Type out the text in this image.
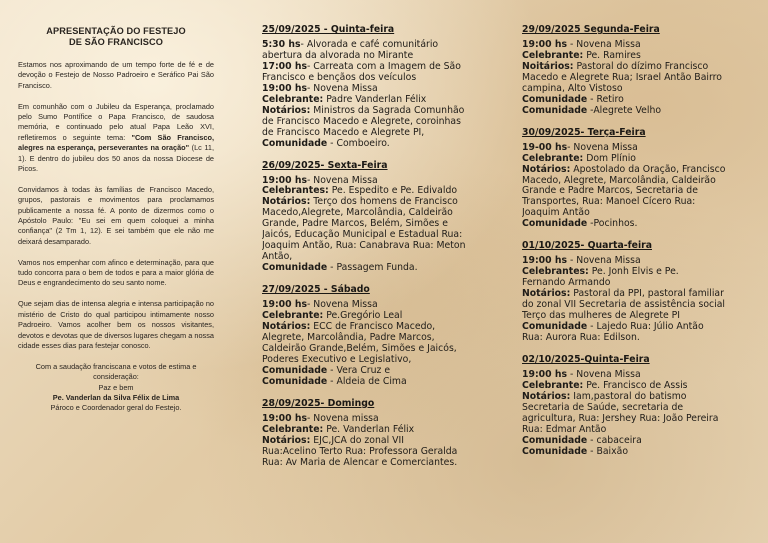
APRESENTAÇÃO DO FESTEJO
DE SÃO FRANCISCO

Estamos nos aproximando de um tempo forte de fé e de devoção o Festejo de Nosso Padroeiro e Seráfico Pai São Francisco.

Em comunhão com o Jubileu da Esperança, proclamado pelo Sumo Pontífice o Papa Francisco, de saudosa memória, e continuado pelo atual Papa Leão XVI, refletiremos o seguinte tema: "Com São Francisco, alegres na esperança, perseverantes na oração" (Lc 11, 1). E dentro do jubileu dos 50 anos da nossa Diocese de Picos.

Convidamos à todas às famílias de Francisco Macedo, grupos, pastorais e movimentos para proclamamos publicamente a nossa fé. A ponto de dizermos como o Apóstolo Paulo: "Eu sei em quem coloquei a minha confiança" (2 Tm 1, 12). E sei também que ele não me deixará desamparado.

Vamos nos empenhar com afinco e determinação, para que tudo concorra para o bem de todos e para a maior glória de Deus e engrandecimento do seu santo nome.

Que sejam dias de intensa alegria e intensa participação no mistério de Cristo do qual participou intimamente nosso Padroeiro. Vamos acolher bem os nossos visitantes, devotos e devotas que de diversos lugares chegam a nossa cidade esses dias para festejar conosco.

Com a saudação franciscana e votos de estima e consideração:
Paz e bem
Pe. Vanderlan da Silva Félix de Lima
Pároco e Coordenador geral do Festejo.
25/09/2025 - Quinta-feira
5:30 hs- Alvorada e café comunitário
abertura da alvorada no Mirante
17:00 hs- Carreata com a Imagem de São
Francisco e bençãos dos veículos
19:00 hs- Novena Missa
Celebrante: Padre Vanderlan Félix
Notários: Ministros da Sagrada Comunhão
de Francisco Macedo e Alegrete, coroinhas
de Francisco Macedo e Alegrete PI,
Comunidade - Comboeiro.
26/09/2025- Sexta-Feira
19:00 hs- Novena Missa
Celebrantes: Pe. Espedito e Pe. Edivaldo
Notários: Terço dos homens de Francisco
Macedo,Alegrete, Marcolândia, Caldeirão
Grande, Padre Marcos, Belém, Simões e
Jaicós, Educação Municipal e Estadual Rua:
Joaquim Antão, Rua: Canabrava Rua: Meton
Antão,
Comunidade - Passagem Funda.
27/09/2025 - Sábado
19:00 hs- Novena Missa
Celebrante: Pe.Gregório Leal
Notários: ECC de Francisco Macedo,
Alegrete, Marcolândia, Padre Marcos,
Caldeirão Grande,Belém, Simões e Jaicós,
Poderes Executivo e Legislativo,
Comunidade - Vera Cruz e
Comunidade - Aldeia de Cima
28/09/2025- Domingo
19:00 hs- Novena missa
Celebrante: Pe. Vanderlan Félix
Notários: EJC,JCA do zonal VII
Rua:Acelino Terto Rua: Professora Geralda
Rua: Av Maria de Alencar e Comerciantes.
29/09/2025 Segunda-Feira
19:00 hs - Novena Missa
Celebrante: Pe. Ramires
Noitários: Pastoral do dízimo Francisco
Macedo e Alegrete Rua; Israel Antão Bairro
campina, Alto Vistoso
Comunidade - Retiro
Comunidade -Alegrete Velho
30/09/2025- Terça-Feira
19-00 hs- Novena Missa
Celebrante: Dom Plínio
Notários: Apostolado da Oração, Francisco
Macedo, Alegrete, Marcolândia, Caldeirão
Grande e Padre Marcos, Secretaria de
Transportes, Rua: Manoel Cícero Rua:
Joaquim Antão
Comunidade -Pocinhos.
01/10/2025- Quarta-feira
19:00 hs - Novena Missa
Celebrantes: Pe. Jonh Elvis e Pe.
Fernando Armando
Notários: Pastoral da PPI, pastoral familiar
do zonal VII Secretaria de assistência social
Terço das mulheres de Alegrete PI
Comunidade - Lajedo Rua: Júlio Antão
Rua: Aurora Rua: Edilson.
02/10/2025-Quinta-Feira
19:00 hs - Novena Missa
Celebrante: Pe. Francisco de Assis
Notários: Iam,pastoral do batismo
Secretaria de Saúde, secretaria de
agricultura, Rua: Jershey Rua: João Pereira
Rua: Edmar Antão
Comunidade - cabaceira
Comunidade - Baixão
